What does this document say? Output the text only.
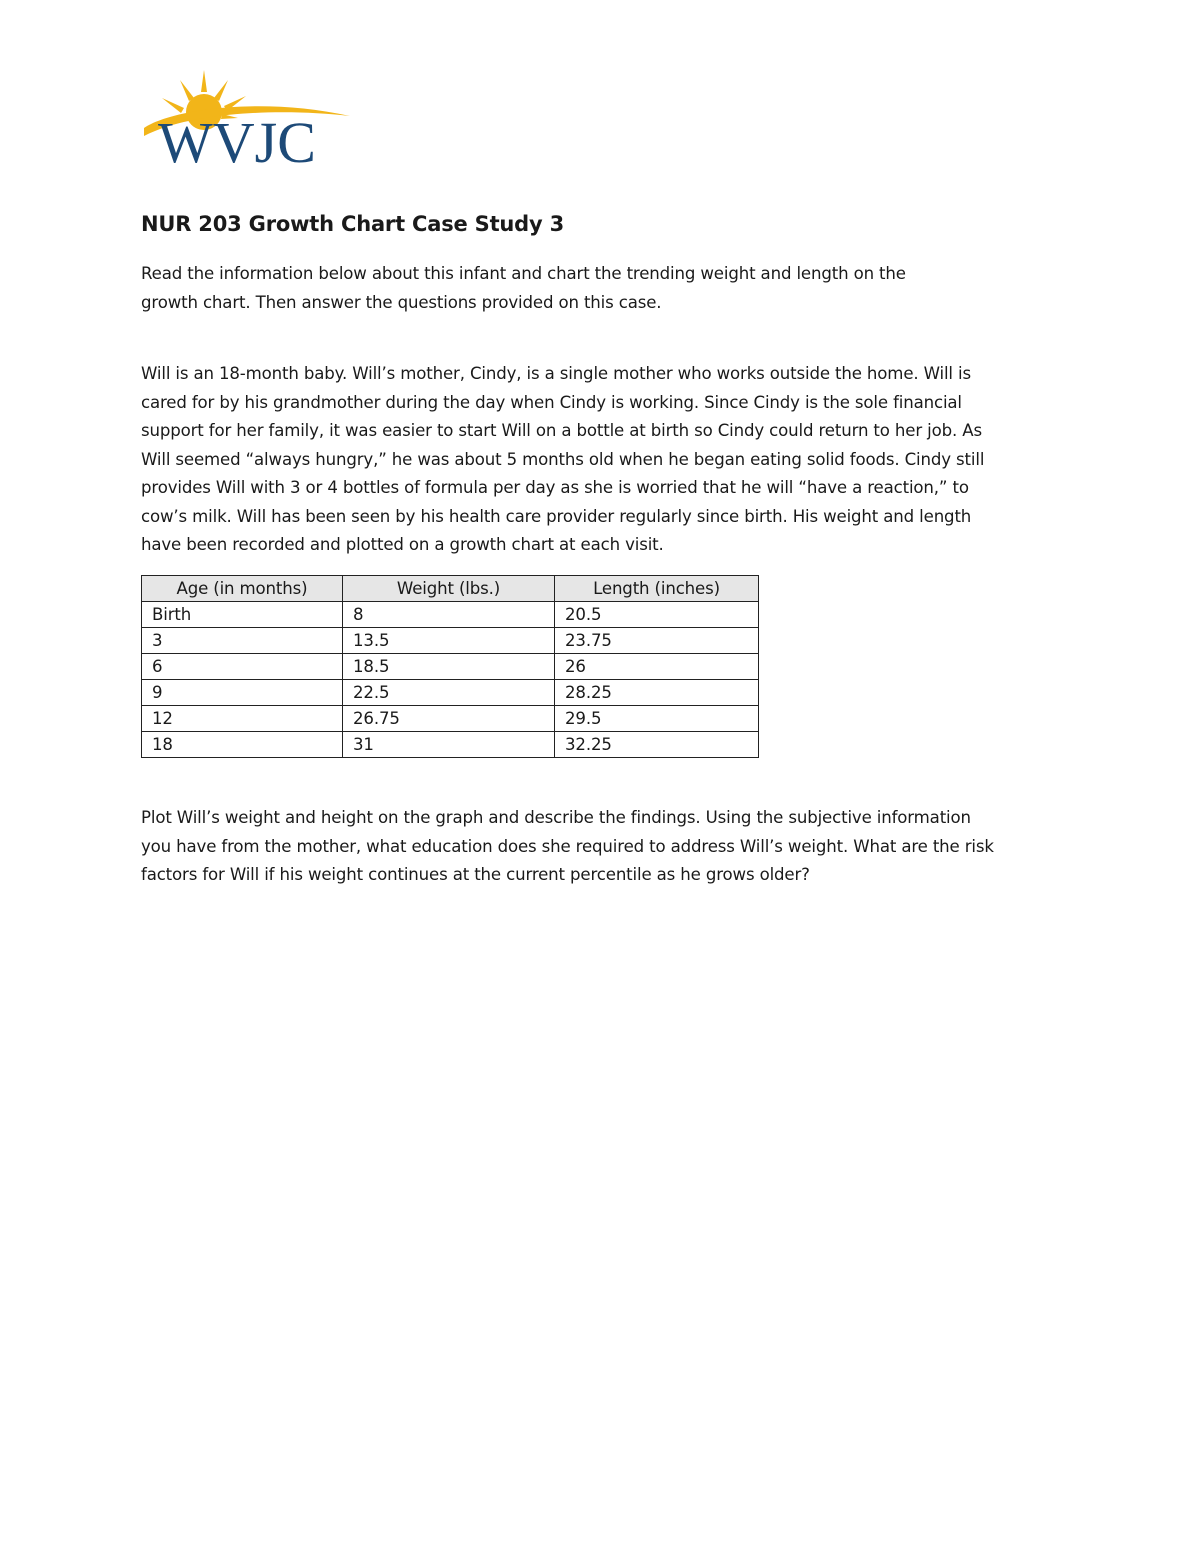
WVJC
NUR 203 Growth Chart Case Study 3

Read the information below about this infant and chart the trending weight and length on the
growth chart. Then answer the questions provided on this case.

Will is an 18-month baby. Will’s mother, Cindy, is a single mother who works outside the home. Will is
cared for by his grandmother during the day when Cindy is working. Since Cindy is the sole financial
support for her family, it was easier to start Will on a bottle at birth so Cindy could return to her job. As
Will seemed “always hungry,” he was about 5 months old when he began eating solid foods. Cindy still
provides Will with 3 or 4 bottles of formula per day as she is worried that he will “have a reaction,” to
cow’s milk. Will has been seen by his health care provider regularly since birth. His weight and length
have been recorded and plotted on a growth chart at each visit.

Age (in months)	Weight (lbs.)	Length (inches)
Birth	8	20.5
3	13.5	23.75
6	18.5	26
9	22.5	28.25
12	26.75	29.5
18	31	32.25

Plot Will’s weight and height on the graph and describe the findings. Using the subjective information
you have from the mother, what education does she required to address Will’s weight. What are the risk
factors for Will if his weight continues at the current percentile as he grows older?
